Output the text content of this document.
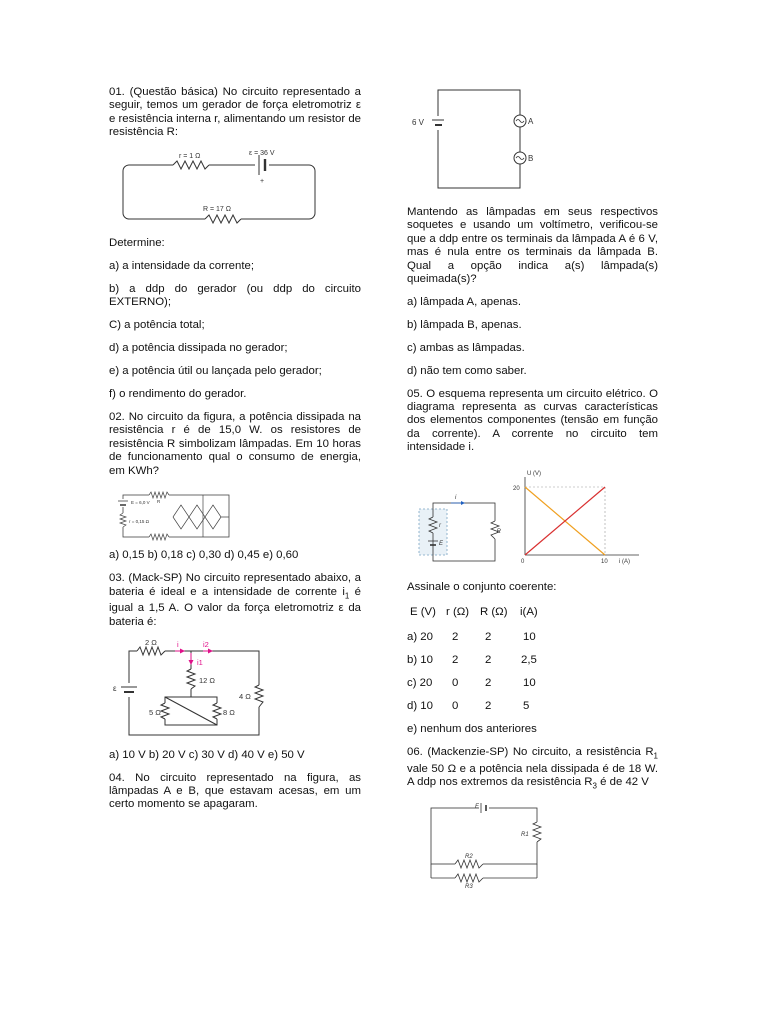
01. (Questão básica) No circuito representado a seguir, temos um gerador de força eletromotriz ε e resistência interna r, alimentando um resistor de resistência R:

+
r = 1 Ω	ε = 36 V
R = 17 Ω

Determine:

a) a intensidade da corrente;

b) a ddp do gerador (ou ddp do circuito EXTERNO);

C) a potência total;

d) a potência dissipada no gerador;

e) a potência útil ou lançada pelo gerador;

f) o rendimento do gerador.

02. No circuito da figura, a potência dissipada na resistência r é de 15,0 W. os resistores de resistência R simbolizam lâmpadas. Em 10 horas de funcionamento qual o consumo de energia, em KWh?

E = 6,0 V
r = 0,15 Ω
R

a) 0,15 b) 0,18 c) 0,30 d) 0,45 e) 0,60

03. (Mack-SP) No circuito representado abaixo, a bateria é ideal e a intensidade de corrente $i_1$ é igual a 1,5 A. O valor da força eletromotriz ε da bateria é:

2 Ω	i	i2
i1
12 Ω
4 Ω
5 Ω	8 Ω
ε

a) 10 V b) 20 V c) 30 V d) 40 V e) 50 V

04. No circuito representado na figura, as lâmpadas A e B, que estavam acesas, em um certo momento se apagaram.

6 V	A
B

Mantendo as lâmpadas em seus respectivos soquetes e usando um voltímetro, verificou-se que a ddp entre os terminais da lâmpada A é 6 V, mas é nula entre os terminais da lâmpada B. Qual a opção indica a(s) lâmpada(s) queimada(s)?

a) lâmpada A, apenas.

b) lâmpada B, apenas.

c) ambas as lâmpadas.

d) não tem como saber.

05. O esquema representa um circuito elétrico. O diagrama representa as curvas características dos elementos componentes (tensão em função da corrente). A corrente no circuito tem intensidade i.

i
r
E
R
U (V)
i (A)
20
10
0

Assinale o conjunto coerente:

E (V) r (Ω) R (Ω)	i(A)
a) 20	2	2	10
b) 10	2	2	2,5
c) 20	0	2	10
d) 10	0	2	5

e) nenhum dos anteriores

06. (Mackenzie-SP) No circuito, a resistência $R_1$ vale 50 Ω e a potência nela dissipada é de 18 W. A ddp nos extremos da resistência $R_3$ é de 42 V

E
R1
R2
R3
